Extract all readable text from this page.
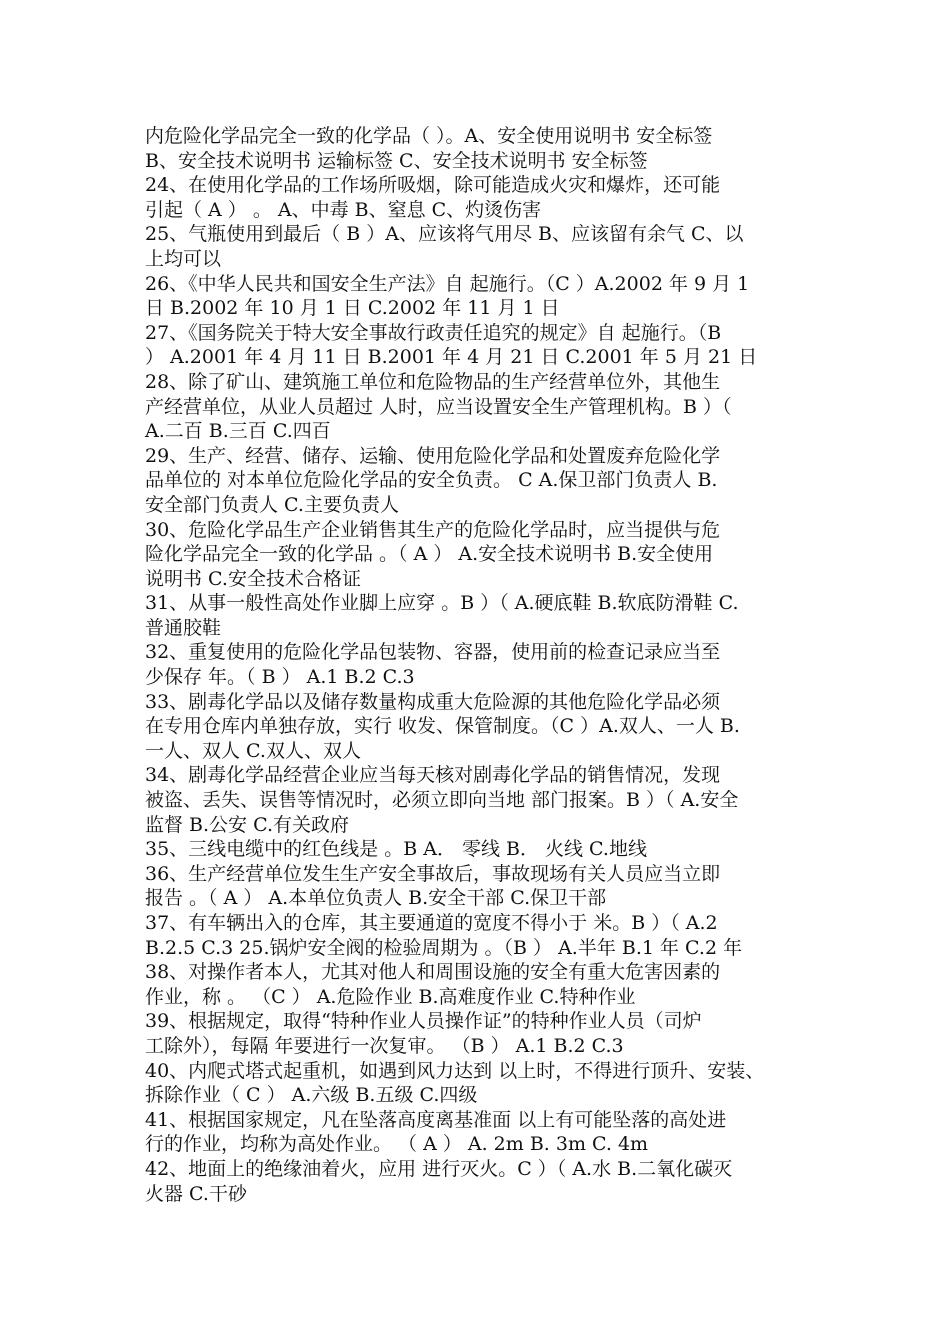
内危险化学品完全一致的化学品（ ）。A、安全使用说明书 安全标签
B、安全技术说明书 运输标签 C、安全技术说明书 安全标签
24、在使用化学品的工作场所吸烟，除可能造成火灾和爆炸，还可能
引起（ A ） 。 A、中毒 B、窒息 C、灼烫伤害
25、气瓶使用到最后（ B ）A、应该将气用尽 B、应该留有余气 C、以
上均可以
26、《中华人民共和国安全生产法》自 起施行。（C ）A.2002 年 9 月 1
日 B.2002 年 10 月 1 日 C.2002 年 11 月 1 日
27、《国务院关于特大安全事故行政责任追究的规定》自 起施行。（B
） A.2001 年 4 月 11 日 B.2001 年 4 月 21 日 C.2001 年 5 月 21 日
28、除了矿山、建筑施工单位和危险物品的生产经营单位外，其他生
产经营单位，从业人员超过 人时，应当设置安全生产管理机构。B ）（
A.二百 B.三百 C.四百
29、生产、经营、储存、运输、使用危险化学品和处置废弃危险化学
品单位的 对本单位危险化学品的安全负责。 C A.保卫部门负责人 B.
安全部门负责人 C.主要负责人
30、危险化学品生产企业销售其生产的危险化学品时，应当提供与危
险化学品完全一致的化学品 。（ A ） A.安全技术说明书 B.安全使用
说明书 C.安全技术合格证
31、从事一般性高处作业脚上应穿 。B ）（ A.硬底鞋 B.软底防滑鞋 C.
普通胶鞋
32、重复使用的危险化学品包装物、容器，使用前的检查记录应当至
少保存 年。（ B ） A.1 B.2 C.3
33、剧毒化学品以及储存数量构成重大危险源的其他危险化学品必须
在专用仓库内单独存放，实行 收发、保管制度。（C ）A.双人、一人 B.
一人、双人 C.双人、双人
34、剧毒化学品经营企业应当每天核对剧毒化学品的销售情况，发现
被盗、丢失、误售等情况时，必须立即向当地 部门报案。B ）（ A.安全
监督 B.公安 C.有关政府
35、三线电缆中的红色线是 。B A． 零线 B． 火线 C.地线
36、生产经营单位发生生产安全事故后，事故现场有关人员应当立即
报告 。（ A ） A.本单位负责人 B.安全干部 C.保卫干部
37、有车辆出入的仓库，其主要通道的宽度不得小于 米。B ）（ A.2
B.2.5 C.3 25.锅炉安全阀的检验周期为 。（B ） A.半年 B.1 年 C.2 年
38、对操作者本人，尤其对他人和周围设施的安全有重大危害因素的
作业，称 。 （C ） A.危险作业 B.高难度作业 C.特种作业
39、根据规定，取得“特种作业人员操作证”的特种作业人员（司炉
工除外），每隔 年要进行一次复审。 （B ） A.1 B.2 C.3
40、内爬式塔式起重机，如遇到风力达到 以上时，不得进行顶升、安装、
拆除作业（ C ） A.六级 B.五级 C.四级
41、根据国家规定，凡在坠落高度离基准面 以上有可能坠落的高处进
行的作业，均称为高处作业。 （ A ） A. 2m B. 3m C. 4m
42、地面上的绝缘油着火，应用 进行灭火。C ）（ A.水 B.二氧化碳灭
火器 C.干砂
